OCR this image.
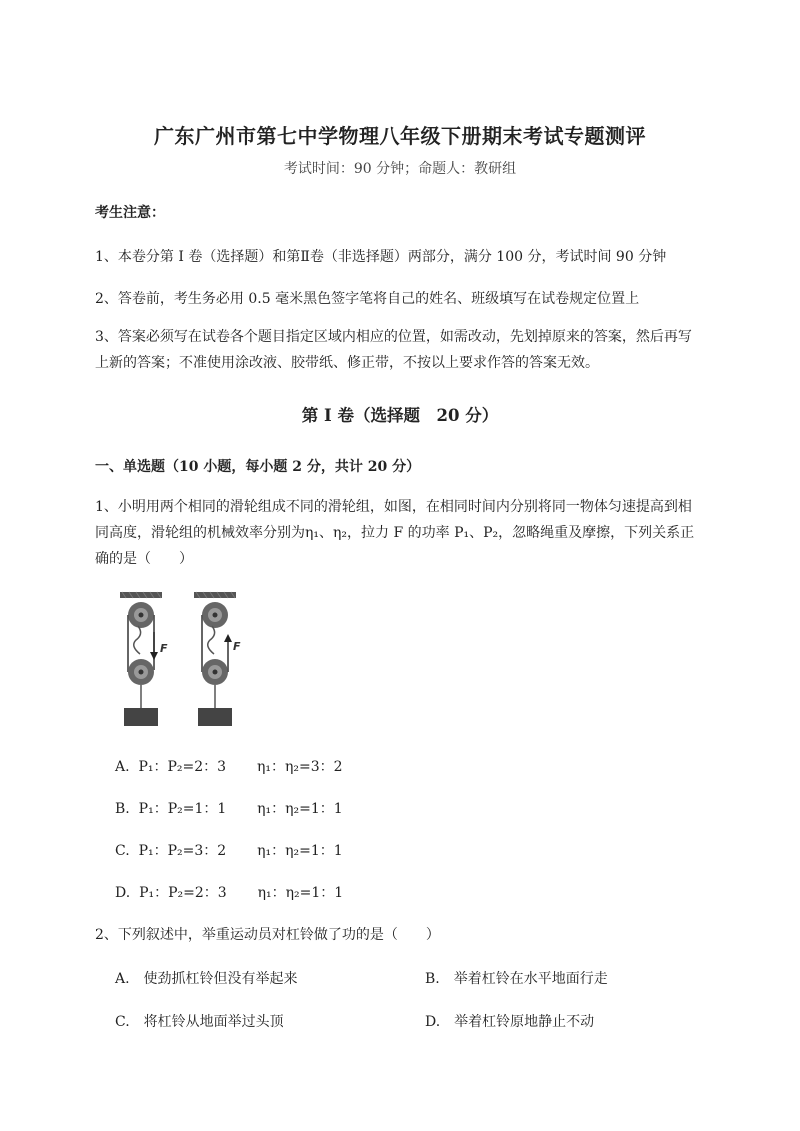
广东广州市第七中学物理八年级下册期末考试专题测评
考试时间：90 分钟；命题人：教研组
考生注意：
1、本卷分第 I 卷（选择题）和第Ⅱ卷（非选择题）两部分，满分 100 分，考试时间 90 分钟
2、答卷前，考生务必用 0.5 毫米黑色签字笔将自己的姓名、班级填写在试卷规定位置上
3、答案必须写在试卷各个题目指定区域内相应的位置，如需改动，先划掉原来的答案，然后再写上新的答案；不准使用涂改液、胶带纸、修正带，不按以上要求作答的答案无效。
第 I 卷（选择题　20 分）
一、单选题（10 小题，每小题 2 分，共计 20 分）
1、小明用两个相同的滑轮组成不同的滑轮组，如图，在相同时间内分别将同一物体匀速提高到相同高度，滑轮组的机械效率分别为η₁、η₂，拉力 F 的功率 P₁、P₂，忽略绳重及摩擦，下列关系正确的是（　　）
F	F
A. P₁：P₂=2：3 η₁：η₂=3：2
B. P₁：P₂=1：1 η₁：η₂=1：1
C. P₁：P₂=3：2 η₁：η₂=1：1
D. P₁：P₂=2：3 η₁：η₂=1：1
2、下列叙述中，举重运动员对杠铃做了功的是（　　）
A.　使劲抓杠铃但没有举起来	B.　举着杠铃在水平地面行走
C.　将杠铃从地面举过头顶	D.　举着杠铃原地静止不动
